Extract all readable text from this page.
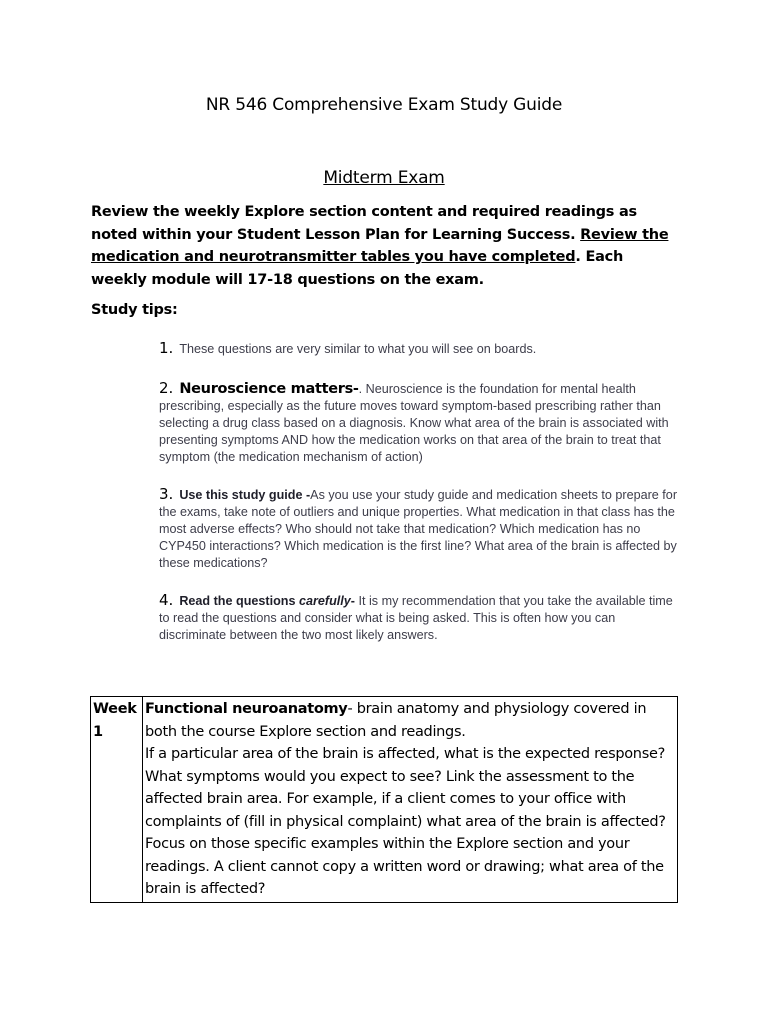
NR 546 Comprehensive Exam Study Guide
Midterm Exam
Review the weekly Explore section content and required readings as noted within your Student Lesson Plan for Learning Success. Review the medication and neurotransmitter tables you have completed. Each weekly module will 17-18 questions on the exam.
Study tips:
1. These questions are very similar to what you will see on boards.
2. Neuroscience matters-. Neuroscience is the foundation for mental health prescribing, especially as the future moves toward symptom-based prescribing rather than selecting a drug class based on a diagnosis. Know what area of the brain is associated with presenting symptoms AND how the medication works on that area of the brain to treat that symptom (the medication mechanism of action)
3. Use this study guide -As you use your study guide and medication sheets to prepare for the exams, take note of outliers and unique properties. What medication in that class has the most adverse effects? Who should not take that medication? Which medication has no CYP450 interactions? Which medication is the first line? What area of the brain is affected by these medications?
4. Read the questions carefully- It is my recommendation that you take the available time to read the questions and consider what is being asked. This is often how you can discriminate between the two most likely answers.
Week 1	
Functional neuroanatomy- brain anatomy and physiology covered in both the course Explore section and readings.
If a particular area of the brain is affected, what is the expected response?
What symptoms would you expect to see? Link the assessment to the affected brain area. For example, if a client comes to your office with complaints of (fill in physical complaint) what area of the brain is affected?
Focus on those specific examples within the Explore section and your readings. A client cannot copy a written word or drawing; what area of the brain is affected?
